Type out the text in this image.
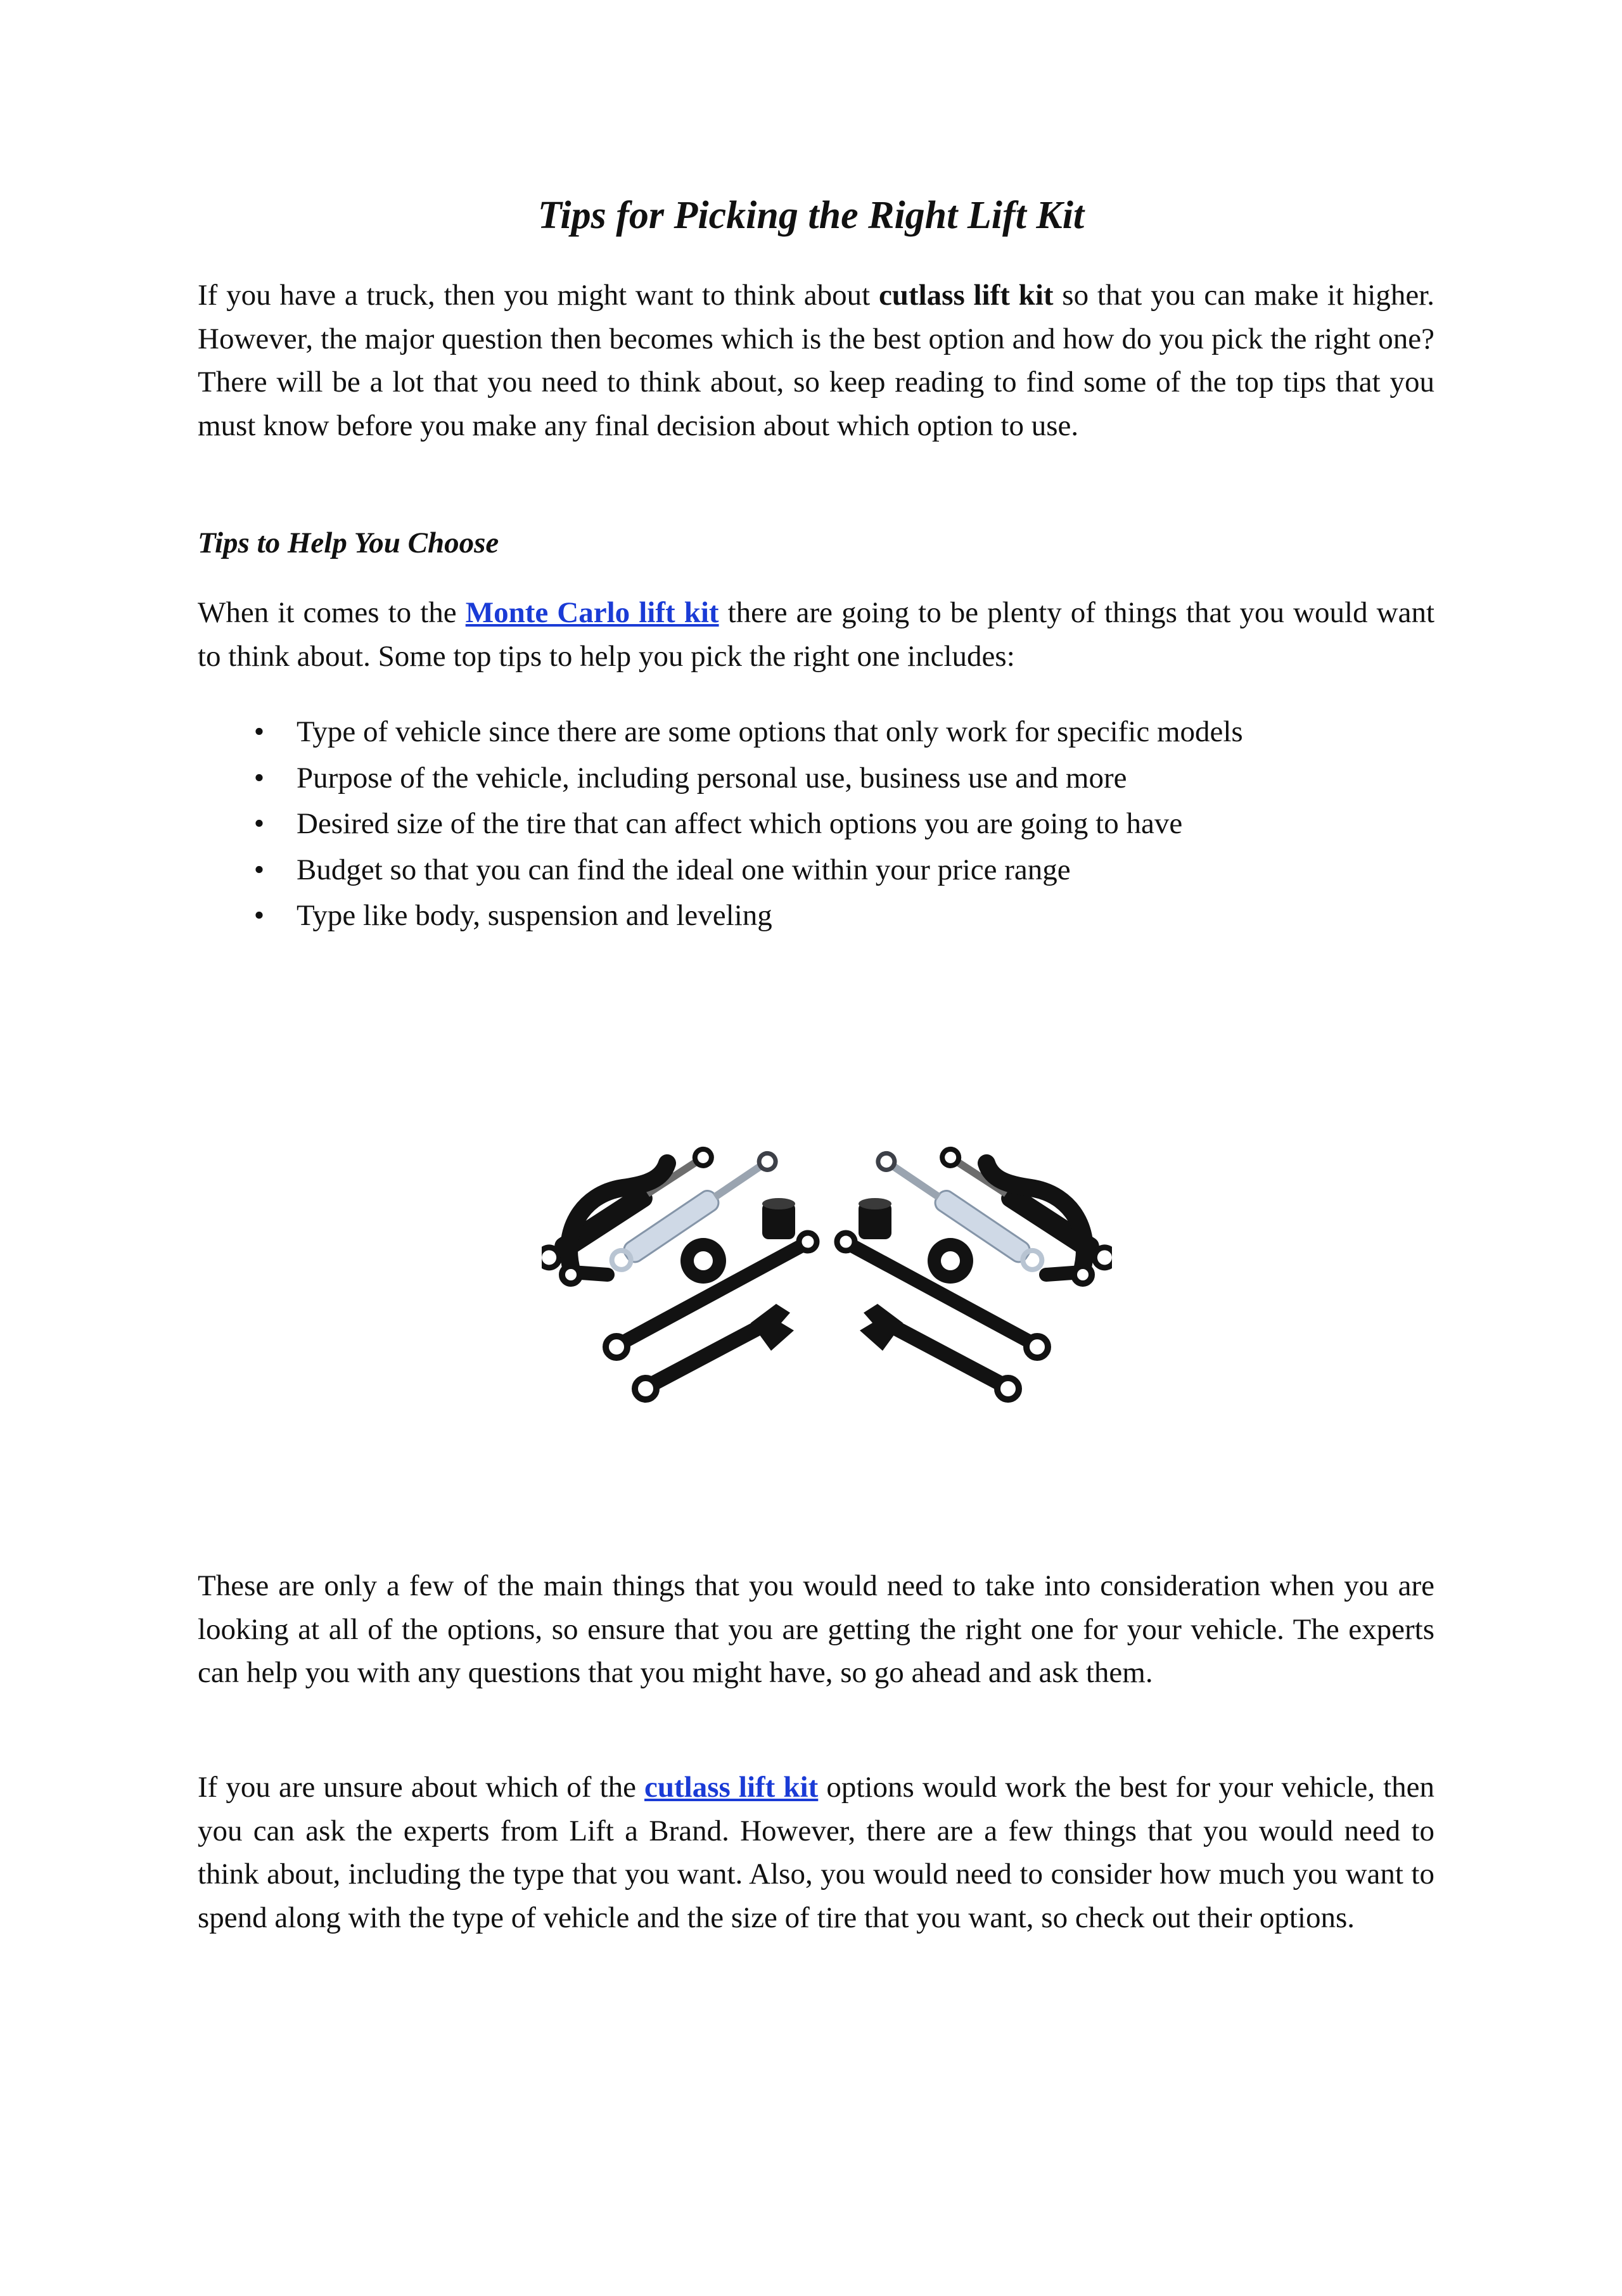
Tips for Picking the Right Lift Kit

If you have a truck, then you might want to think about cutlass lift kit so that you can make it higher. However, the major question then becomes which is the best option and how do you pick the right one? There will be a lot that you need to think about, so keep reading to find some of the top tips that you must know before you make any final decision about which option to use.

Tips to Help You Choose

When it comes to the Monte Carlo lift kit there are going to be plenty of things that you would want to think about. Some top tips to help you pick the right one includes:

• Type of vehicle since there are some options that only work for specific models
• Purpose of the vehicle, including personal use, business use and more
• Desired size of the tire that can affect which options you are going to have
• Budget so that you can find the ideal one within your price range
• Type like body, suspension and leveling

These are only a few of the main things that you would need to take into consideration when you are looking at all of the options, so ensure that you are getting the right one for your vehicle. The experts can help you with any questions that you might have, so go ahead and ask them.

If you are unsure about which of the cutlass lift kit options would work the best for your vehicle, then you can ask the experts from Lift a Brand. However, there are a few things that you would need to think about, including the type that you want. Also, you would need to consider how much you want to spend along with the type of vehicle and the size of tire that you want, so check out their options.
